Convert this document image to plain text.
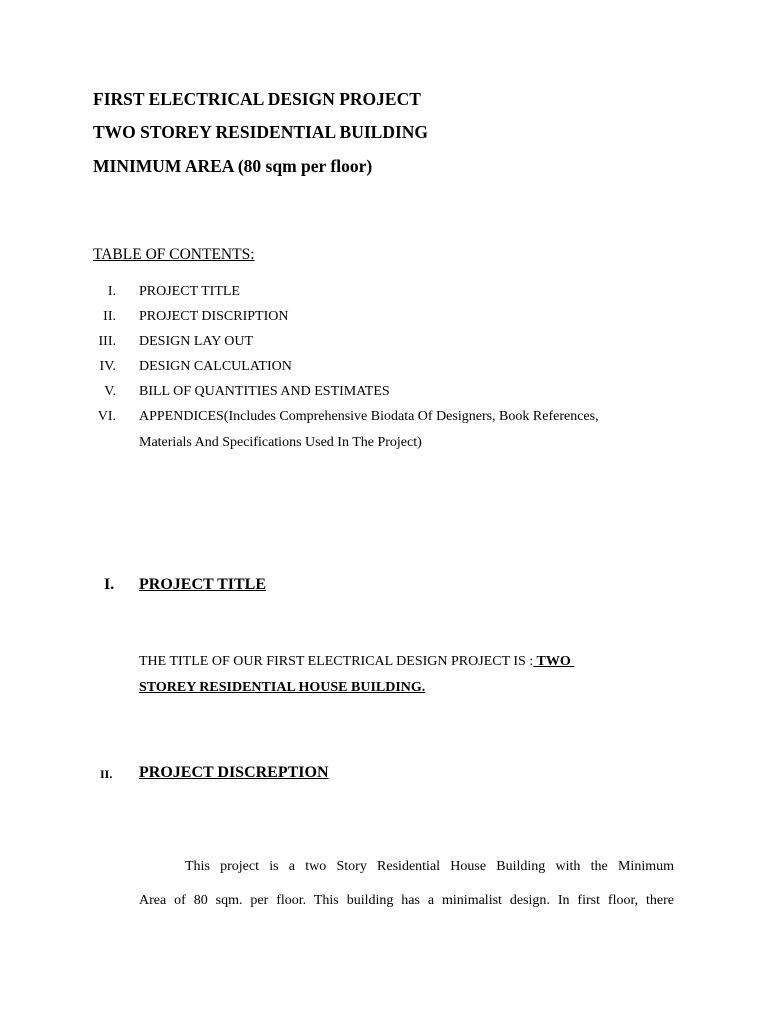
FIRST ELECTRICAL DESIGN PROJECT
TWO STOREY RESIDENTIAL BUILDING
MINIMUM AREA (80 sqm per floor)
TABLE OF CONTENTS:
I. PROJECT TITLE
II. PROJECT DISCRIPTION
III. DESIGN LAY OUT
IV. DESIGN CALCULATION
V. BILL OF QUANTITIES AND ESTIMATES
VI. APPENDICES(Includes Comprehensive Biodata Of Designers, Book References,
Materials And Specifications Used In The Project)
I. PROJECT TITLE
THE TITLE OF OUR FIRST ELECTRICAL DESIGN PROJECT IS : TWO
STOREY RESIDENTIAL HOUSE BUILDING.
II. PROJECT DISCREPTION
This project is a two Story Residential House Building with the Minimum
Area of 80 sqm. per floor. This building has a minimalist design. In first floor, there
